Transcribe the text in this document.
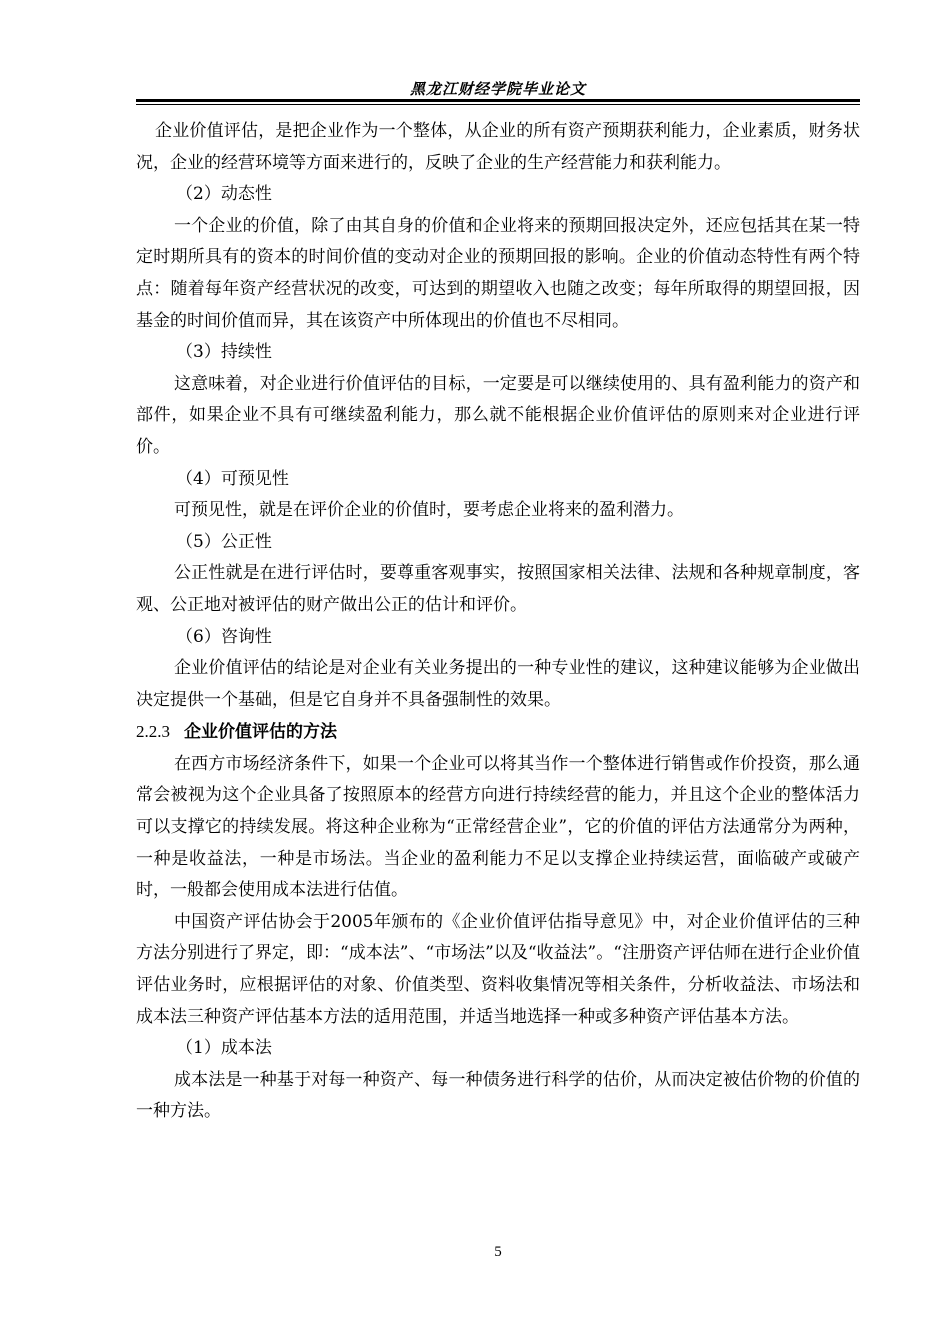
黑龙江财经学院毕业论文

企业价值评估，是把企业作为一个整体，从企业的所有资产预期获利能力，企业素质，财务状况，企业的经营环境等方面来进行的，反映了企业的生产经营能力和获利能力。

（2）动态性

一个企业的价值，除了由其自身的价值和企业将来的预期回报决定外，还应包括其在某一特定时期所具有的资本的时间价值的变动对企业的预期回报的影响。企业的价值动态特性有两个特点：随着每年资产经营状况的改变，可达到的期望收入也随之改变；每年所取得的期望回报，因基金的时间价值而异，其在该资产中所体现出的价值也不尽相同。

（3）持续性

这意味着，对企业进行价值评估的目标，一定要是可以继续使用的、具有盈利能力的资产和部件，如果企业不具有可继续盈利能力，那么就不能根据企业价值评估的原则来对企业进行评价。

（4）可预见性

可预见性，就是在评价企业的价值时，要考虑企业将来的盈利潜力。

（5）公正性

公正性就是在进行评估时，要尊重客观事实，按照国家相关法律、法规和各种规章制度，客观、公正地对被评估的财产做出公正的估计和评价。

（6）咨询性

企业价值评估的结论是对企业有关业务提出的一种专业性的建议，这种建议能够为企业做出决定提供一个基础，但是它自身并不具备强制性的效果。

2.2.3 企业价值评估的方法

在西方市场经济条件下，如果一个企业可以将其当作一个整体进行销售或作价投资，那么通常会被视为这个企业具备了按照原本的经营方向进行持续经营的能力，并且这个企业的整体活力可以支撑它的持续发展。将这种企业称为“正常经营企业”，它的价值的评估方法通常分为两种，一种是收益法，一种是市场法。当企业的盈利能力不足以支撑企业持续运营，面临破产或破产时，一般都会使用成本法进行估值。

中国资产评估协会于2005年颁布的《企业价值评估指导意见》中，对企业价值评估的三种方法分别进行了界定，即：“成本法”、“市场法”以及“收益法”。“注册资产评估师在进行企业价值评估业务时，应根据评估的对象、价值类型、资料收集情况等相关条件，分析收益法、市场法和成本法三种资产评估基本方法的适用范围，并适当地选择一种或多种资产评估基本方法。

（1）成本法

成本法是一种基于对每一种资产、每一种债务进行科学的估价，从而决定被估价物的价值的一种方法。

5
